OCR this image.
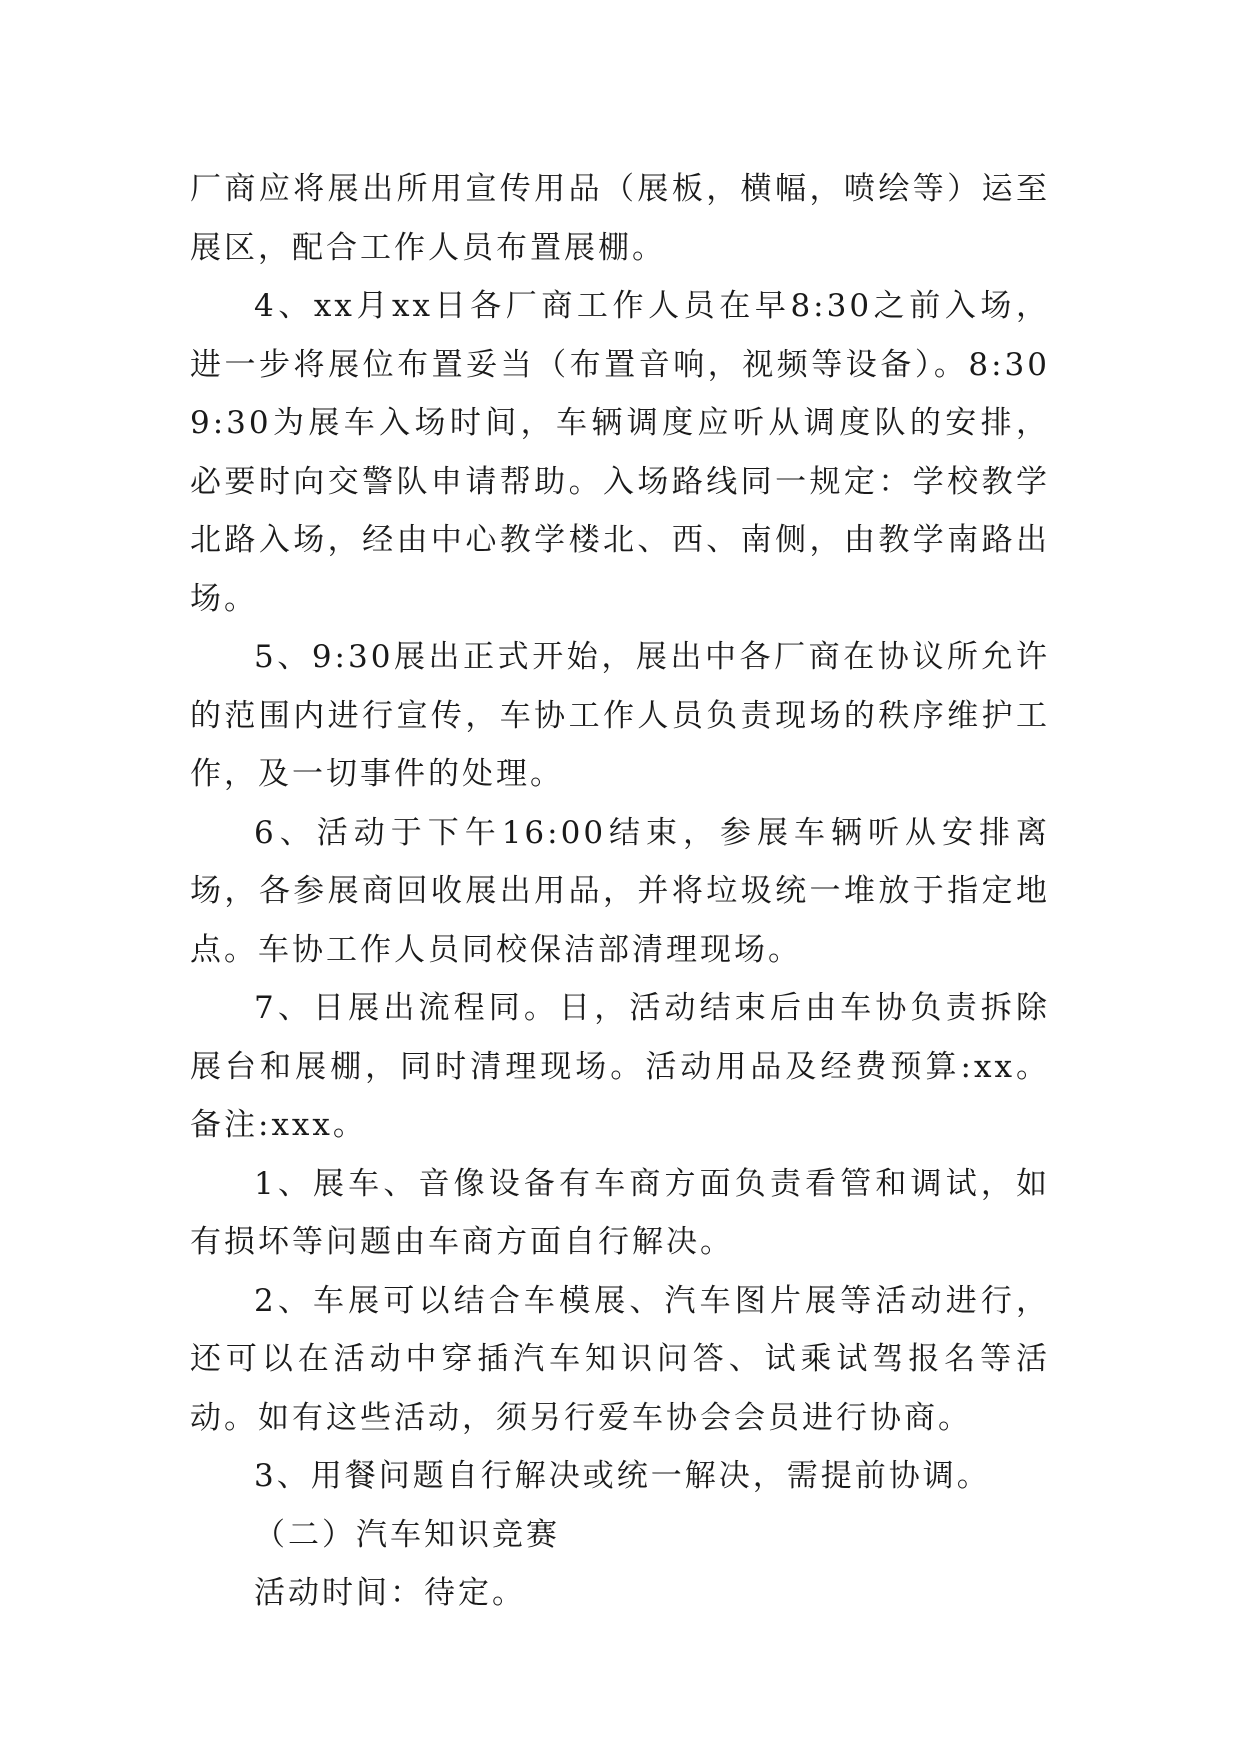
厂商应将展出所用宣传用品（展板，横幅，喷绘等）运至展区，配合工作人员布置展棚。

4、xx月xx日各厂商工作人员在早8:30之前入场，进一步将展位布置妥当（布置音响，视频等设备）。8:309:30为展车入场时间，车辆调度应听从调度队的安排，必要时向交警队申请帮助。入场路线同一规定：学校教学北路入场，经由中心教学楼北、西、南侧，由教学南路出场。

5、9:30展出正式开始，展出中各厂商在协议所允许的范围内进行宣传，车协工作人员负责现场的秩序维护工作，及一切事件的处理。

6、活动于下午16:00结束，参展车辆听从安排离场，各参展商回收展出用品，并将垃圾统一堆放于指定地点。车协工作人员同校保洁部清理现场。

7、日展出流程同。日，活动结束后由车协负责拆除展台和展棚，同时清理现场。活动用品及经费预算:xx。备注:xxx。

1、展车、音像设备有车商方面负责看管和调试，如有损坏等问题由车商方面自行解决。

2、车展可以结合车模展、汽车图片展等活动进行，还可以在活动中穿插汽车知识问答、试乘试驾报名等活动。如有这些活动，须另行爱车协会会员进行协商。

3、用餐问题自行解决或统一解决，需提前协调。

（二）汽车知识竞赛

活动时间：待定。
